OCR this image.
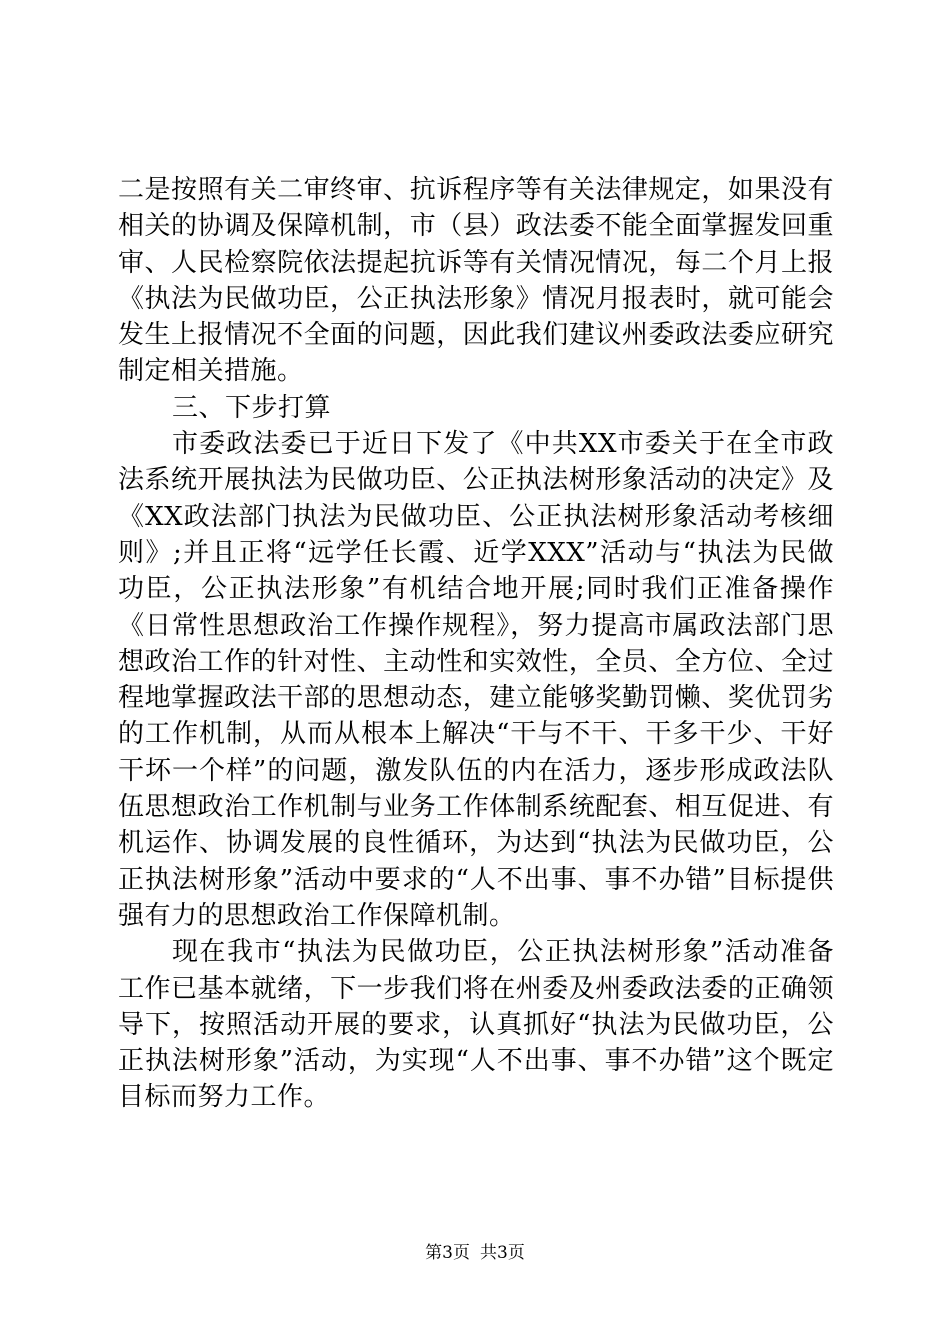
二是按照有关二审终审、抗诉程序等有关法律规定，如果没有相关的协调及保障机制，市（县）政法委不能全面掌握发回重审、人民检察院依法提起抗诉等有关情况情况，每二个月上报《执法为民做功臣，公正执法形象》情况月报表时，就可能会发生上报情况不全面的问题，因此我们建议州委政法委应研究制定相关措施。

三、下步打算

市委政法委已于近日下发了《中共XX市委关于在全市政法系统开展执法为民做功臣、公正执法树形象活动的决定》及《XX政法部门执法为民做功臣、公正执法树形象活动考核细则》;并且正将“远学任长霞、近学XXX”活动与“执法为民做功臣，公正执法形象”有机结合地开展;同时我们正准备操作《日常性思想政治工作操作规程》，努力提高市属政法部门思想政治工作的针对性、主动性和实效性，全员、全方位、全过程地掌握政法干部的思想动态，建立能够奖勤罚懒、奖优罚劣的工作机制，从而从根本上解决“干与不干、干多干少、干好干坏一个样”的问题，激发队伍的内在活力，逐步形成政法队伍思想政治工作机制与业务工作体制系统配套、相互促进、有机运作、协调发展的良性循环，为达到“执法为民做功臣，公正执法树形象”活动中要求的“人不出事、事不办错”目标提供强有力的思想政治工作保障机制。

现在我市“执法为民做功臣，公正执法树形象”活动准备工作已基本就绪，下一步我们将在州委及州委政法委的正确领导下，按照活动开展的要求，认真抓好“执法为民做功臣，公正执法树形象”活动，为实现“人不出事、事不办错”这个既定目标而努力工作。

第3页 共3页
